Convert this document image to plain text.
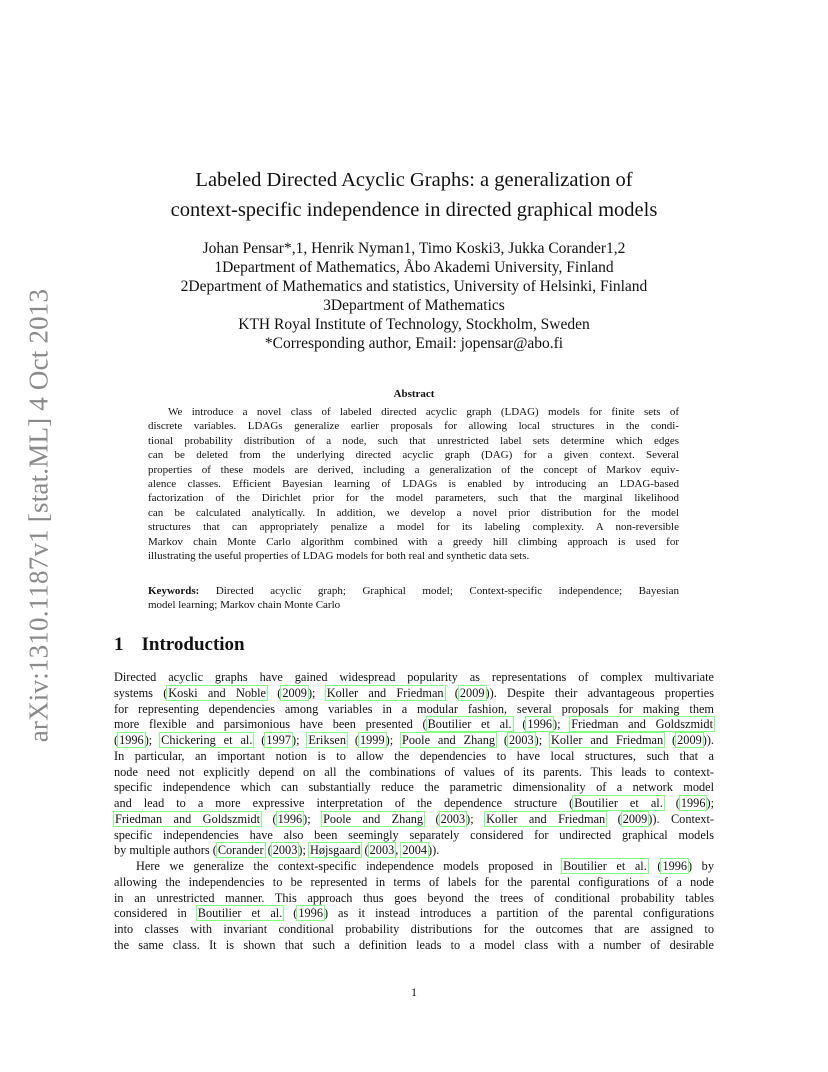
arXiv:1310.1187v1 [stat.ML] 4 Oct 2013
Labeled Directed Acyclic Graphs: a generalization of
context-specific independence in directed graphical models
Johan Pensar*,1, Henrik Nyman1, Timo Koski3, Jukka Corander1,2
1Department of Mathematics, Åbo Akademi University, Finland
2Department of Mathematics and statistics, University of Helsinki, Finland
3Department of Mathematics
KTH Royal Institute of Technology, Stockholm, Sweden
*Corresponding author, Email: jopensar@abo.fi
Abstract
We introduce a novel class of labeled directed acyclic graph (LDAG) models for finite sets of
discrete variables. LDAGs generalize earlier proposals for allowing local structures in the condi-
tional probability distribution of a node, such that unrestricted label sets determine which edges
can be deleted from the underlying directed acyclic graph (DAG) for a given context. Several
properties of these models are derived, including a generalization of the concept of Markov equiv-
alence classes. Efficient Bayesian learning of LDAGs is enabled by introducing an LDAG-based
factorization of the Dirichlet prior for the model parameters, such that the marginal likelihood
can be calculated analytically. In addition, we develop a novel prior distribution for the model
structures that can appropriately penalize a model for its labeling complexity. A non-reversible
Markov chain Monte Carlo algorithm combined with a greedy hill climbing approach is used for
illustrating the useful properties of LDAG models for both real and synthetic data sets.
Keywords: Directed acyclic graph; Graphical model; Context-specific independence; Bayesian
model learning; Markov chain Monte Carlo
1 Introduction
Directed acyclic graphs have gained widespread popularity as representations of complex multivariate
systems (Koski and Noble (2009); Koller and Friedman (2009)). Despite their advantageous properties
for representing dependencies among variables in a modular fashion, several proposals for making them
more flexible and parsimonious have been presented (Boutilier et al. (1996); Friedman and Goldszmidt
(1996); Chickering et al. (1997); Eriksen (1999); Poole and Zhang (2003); Koller and Friedman (2009)).
In particular, an important notion is to allow the dependencies to have local structures, such that a
node need not explicitly depend on all the combinations of values of its parents. This leads to context-
specific independence which can substantially reduce the parametric dimensionality of a network model
and lead to a more expressive interpretation of the dependence structure (Boutilier et al. (1996);
Friedman and Goldszmidt (1996); Poole and Zhang (2003); Koller and Friedman (2009)). Context-
specific independencies have also been seemingly separately considered for undirected graphical models
by multiple authors (Corander (2003); Højsgaard (2003, 2004)).
Here we generalize the context-specific independence models proposed in Boutilier et al. (1996) by
allowing the independencies to be represented in terms of labels for the parental configurations of a node
in an unrestricted manner. This approach thus goes beyond the trees of conditional probability tables
considered in Boutilier et al. (1996) as it instead introduces a partition of the parental configurations
into classes with invariant conditional probability distributions for the outcomes that are assigned to
the same class. It is shown that such a definition leads to a model class with a number of desirable
1
